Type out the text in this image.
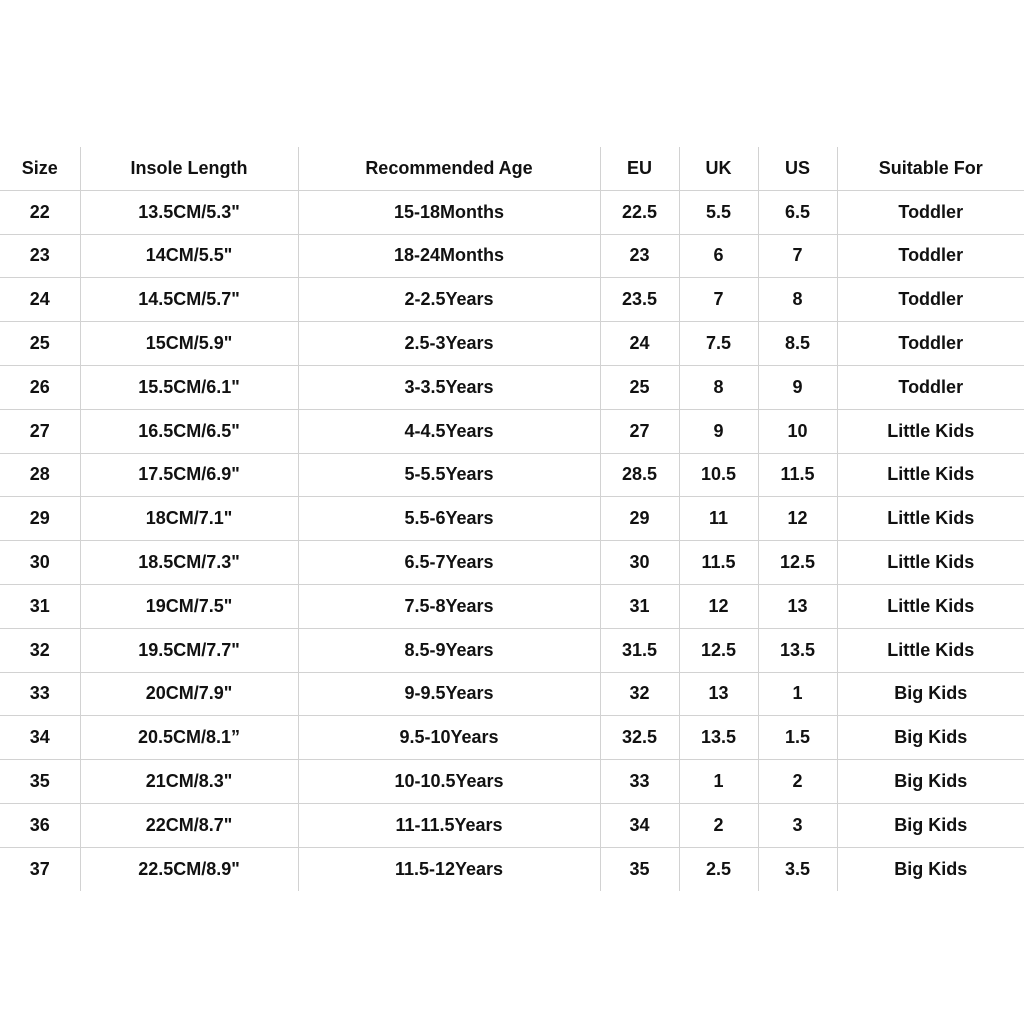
Size	Insole Length	Recommended Age	EU	UK	US	Suitable For
22	13.5CM/5.3"	15-18Months	22.5	5.5	6.5	Toddler
23	14CM/5.5"	18-24Months	23	6	7	Toddler
24	14.5CM/5.7"	2-2.5Years	23.5	7	8	Toddler
25	15CM/5.9"	2.5-3Years	24	7.5	8.5	Toddler
26	15.5CM/6.1"	3-3.5Years	25	8	9	Toddler
27	16.5CM/6.5"	4-4.5Years	27	9	10	Little Kids
28	17.5CM/6.9"	5-5.5Years	28.5	10.5	11.5	Little Kids
29	18CM/7.1"	5.5-6Years	29	11	12	Little Kids
30	18.5CM/7.3"	6.5-7Years	30	11.5	12.5	Little Kids
31	19CM/7.5"	7.5-8Years	31	12	13	Little Kids
32	19.5CM/7.7"	8.5-9Years	31.5	12.5	13.5	Little Kids
33	20CM/7.9"	9-9.5Years	32	13	1	Big Kids
34	20.5CM/8.1”	9.5-10Years	32.5	13.5	1.5	Big Kids
35	21CM/8.3"	10-10.5Years	33	1	2	Big Kids
36	22CM/8.7"	11-11.5Years	34	2	3	Big Kids
37	22.5CM/8.9"	11.5-12Years	35	2.5	3.5	Big Kids
